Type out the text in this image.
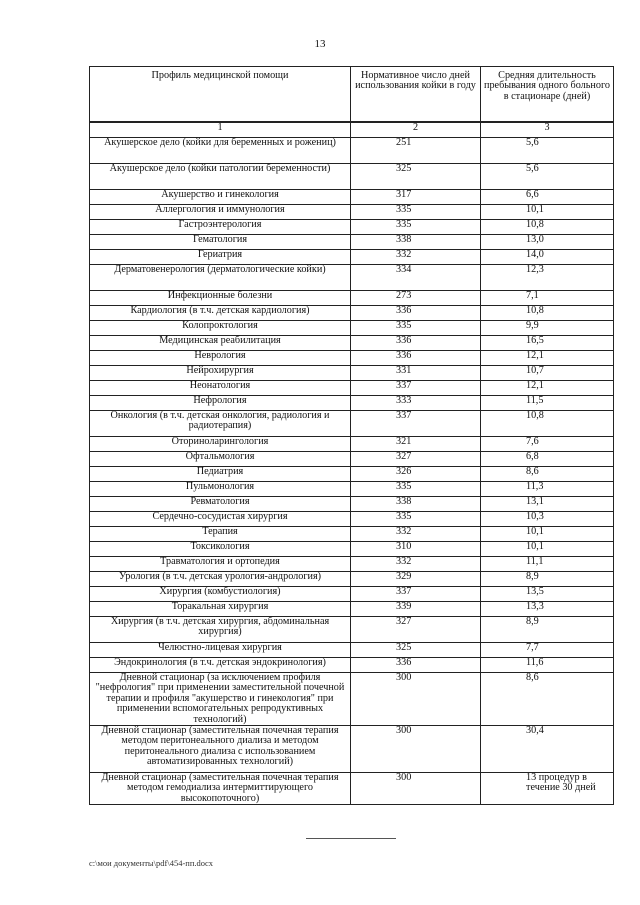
13
Профиль медицинской помощи	Нормативное число дней использования койки в году	Средняя длительность пребывания одного больного в стационаре (дней)
1	2	3
Акушерское дело (койки для беременных и рожениц)	251	5,6
Акушерское дело (койки патологии беременности)	325	5,6
Акушерство и гинекология	317	6,6
Аллергология и иммунология	335	10,1
Гастроэнтерология	335	10,8
Гематология	338	13,0
Гериатрия	332	14,0
Дерматовенерология (дерматологические койки)	334	12,3
Инфекционные болезни	273	7,1
Кардиология (в т.ч. детская кардиология)	336	10,8
Колопроктология	335	9,9
Медицинская реабилитация	336	16,5
Неврология	336	12,1
Нейрохирургия	331	10,7
Неонатология	337	12,1
Нефрология	333	11,5
Онкология (в т.ч. детская онкология, радиология и радиотерапия)	337	10,8
Оториноларингология	321	7,6
Офтальмология	327	6,8
Педиатрия	326	8,6
Пульмонология	335	11,3
Ревматология	338	13,1
Сердечно-сосудистая хирургия	335	10,3
Терапия	332	10,1
Токсикология	310	10,1
Травматология и ортопедия	332	11,1
Урология (в т.ч. детская урология-андрология)	329	8,9
Хирургия (комбустиология)	337	13,5
Торакальная хирургия	339	13,3
Хирургия (в т.ч. детская хирургия, абдоминальная хирургия)	327	8,9
Челюстно-лицевая хирургия	325	7,7
Эндокринология (в т.ч. детская эндокринология)	336	11,6
Дневной стационар (за исключением профиля "нефрология" при применении заместительной почечной терапии и профиля "акушерство и гинекология" при применении вспомогательных репродуктивных технологий)	300	8,6
Дневной стационар (заместительная почечная терапия методом перитонеального диализа и методом перитонеального диализа с использованием автоматизированных технологий)	300	30,4
Дневной стационар (заместительная почечная терапия методом гемодиализа интермиттирующего высокопоточного)	300	13 процедур в течение 30 дней
c:\мои документы\pdf\454-пп.docx
